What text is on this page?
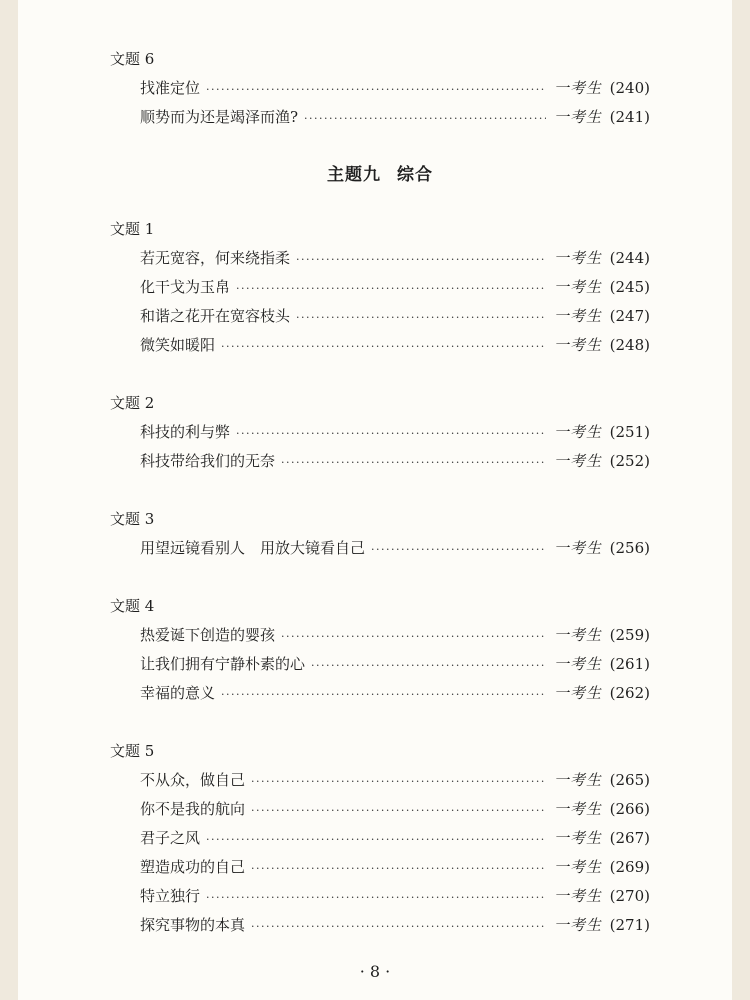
文题 6
找准定位 ·····	一考生 (240)
顺势而为还是竭泽而渔? ·····	一考生 (241)
主题九 综合
文题 1
若无宽容，何来绕指柔 ·····	一考生 (244)
化干戈为玉帛 ·····	一考生 (245)
和谐之花开在宽容枝头 ·····	一考生 (247)
微笑如暖阳 ·····	一考生 (248)
文题 2
科技的利与弊 ·····	一考生 (251)
科技带给我们的无奈 ·····	一考生 (252)
文题 3
用望远镜看别人　用放大镜看自己 ·····	一考生 (256)
文题 4
热爱诞下创造的婴孩 ·····	一考生 (259)
让我们拥有宁静朴素的心 ·····	一考生 (261)
幸福的意义 ·····	一考生 (262)
文题 5
不从众，做自己 ·····	一考生 (265)
你不是我的航向 ·····	一考生 (266)
君子之风 ·····	一考生 (267)
塑造成功的自己 ·····	一考生 (269)
特立独行 ·····	一考生 (270)
探究事物的本真 ·····	一考生 (271)
· 8 ·
